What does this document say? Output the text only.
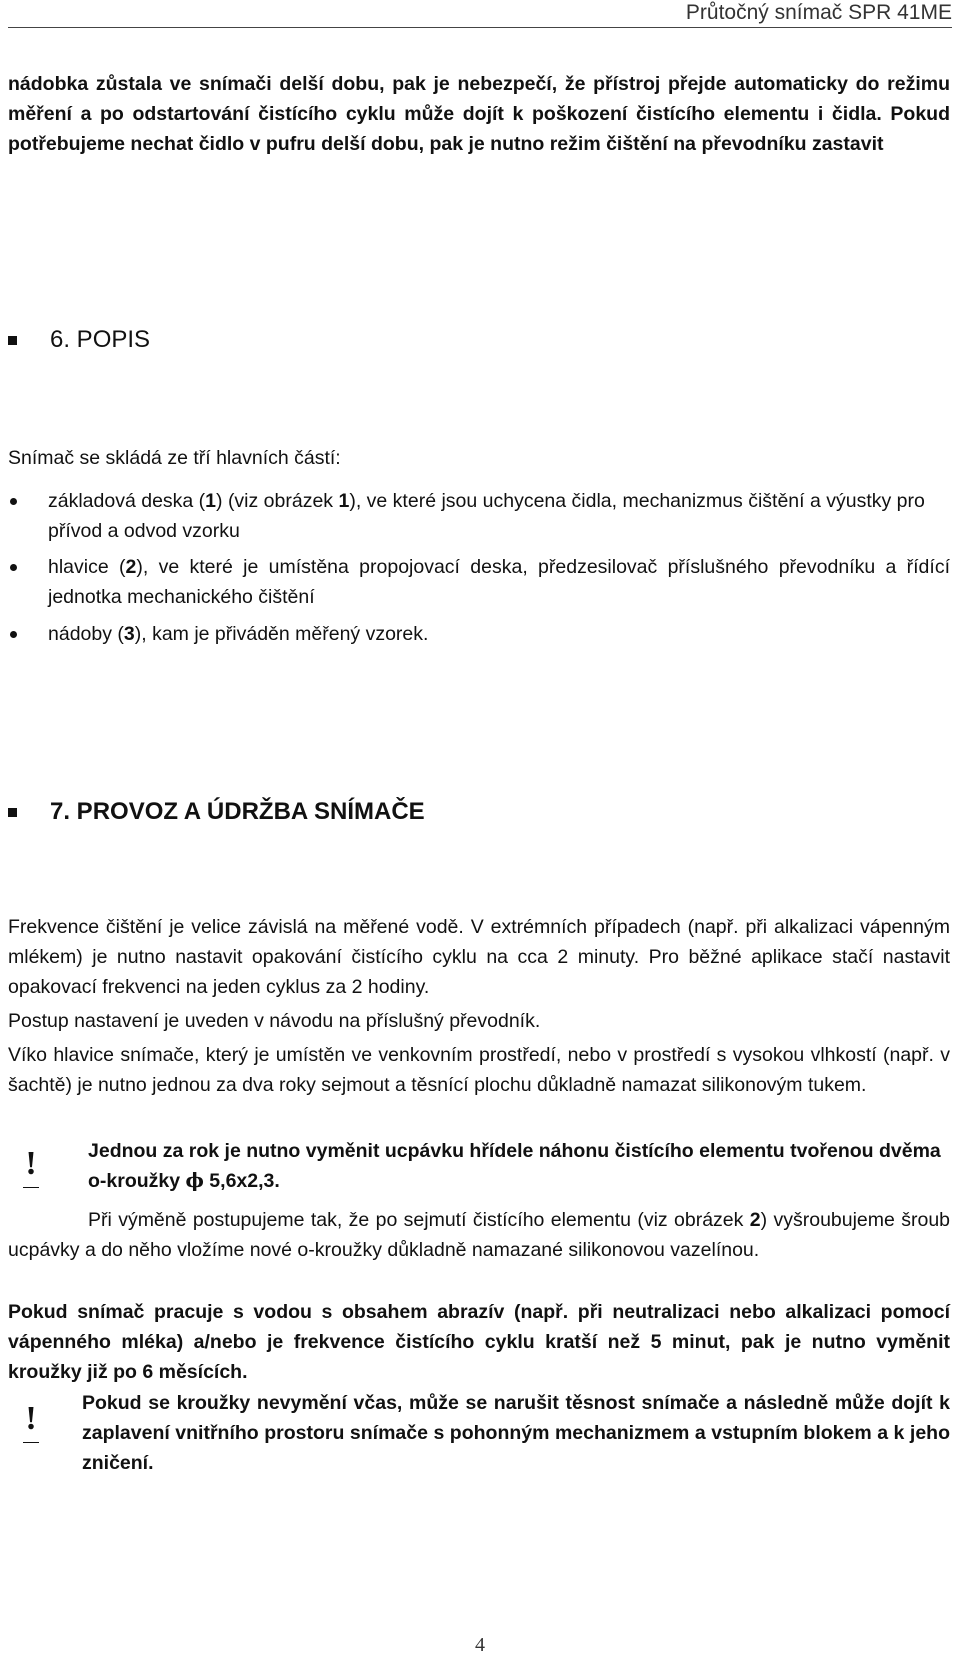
Průtočný snímač SPR 41ME

nádobka zůstala ve snímači delší dobu, pak je nebezpečí, že přístroj přejde automaticky do režimu měření a po odstartování čistícího cyklu může dojít k poškození čistícího elementu i čidla. Pokud potřebujeme nechat čidlo v pufru delší dobu, pak je nutno režim čištění na převodníku zastavit

6. POPIS

Snímač se skládá ze tří hlavních částí:

základová deska (1) (viz obrázek 1), ve které jsou uchycena čidla, mechanizmus čištění a výustky pro přívod a odvod vzorku

hlavice (2), ve které je umístěna propojovací deska, předzesilovač příslušného převodníku a řídící jednotka mechanického čištění

nádoby (3), kam je přiváděn měřený vzorek.

7. PROVOZ A ÚDRŽBA SNÍMAČE

Frekvence čištění je velice závislá na měřené vodě. V extrémních případech (např. při alkalizaci vápenným mlékem) je nutno nastavit opakování čistícího cyklu na cca 2 minuty. Pro běžné aplikace stačí nastavit opakovací frekvenci na jeden cyklus za 2 hodiny.

Postup nastavení je uveden v návodu na příslušný převodník.

Víko hlavice snímače, který je umístěn ve venkovním prostředí, nebo v prostředí s vysokou vlhkostí (např. v šachtě) je nutno jednou za dva roky sejmout a těsnící plochu důkladně namazat silikonovým tukem.

!	Jednou za rok je nutno vyměnit ucpávku hřídele náhonu čistícího elementu tvořenou dvěma o-kroužky ϕ 5,6x2,3.

Při výměně postupujeme tak, že po sejmutí čistícího elementu (viz obrázek 2) vyšroubujeme šroub ucpávky a do něho vložíme nové o-kroužky důkladně namazané silikonovou vazelínou.

Pokud snímač pracuje s vodou s obsahem abrazív (např. při neutralizaci nebo alkalizaci pomocí vápenného mléka) a/nebo je frekvence čistícího cyklu kratší než 5 minut, pak je nutno vyměnit kroužky již po 6 měsících.

!	Pokud se kroužky nevymění včas, může se narušit těsnost snímače a následně může dojít k zaplavení vnitřního prostoru snímače s pohonným mechanizmem a vstupním blokem a k jeho zničení.

4
